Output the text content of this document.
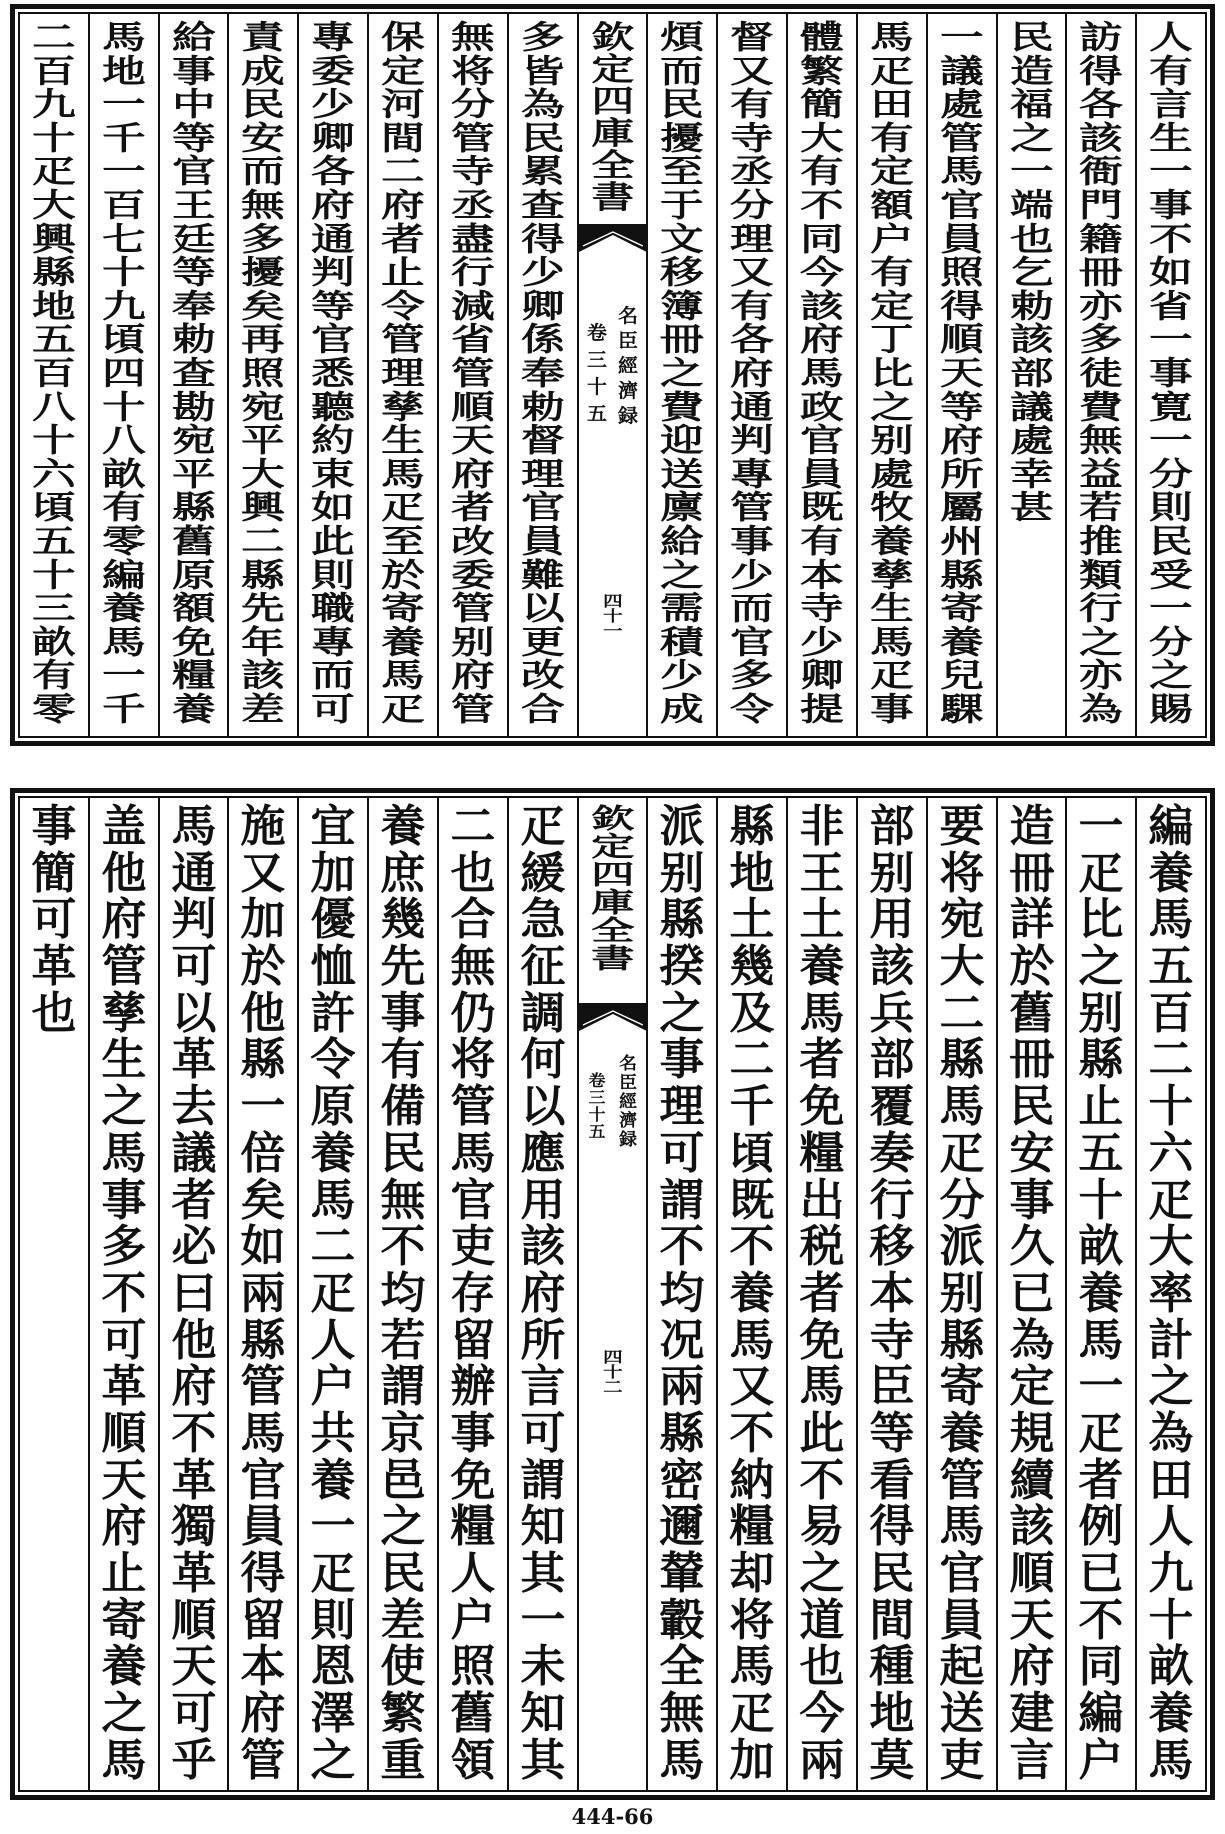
人
有
言
生
一
事
不
如
省
一
事
寛
一
分
則
民
受
一
分
之
賜
訪
得
各
該
衙
門
籍
冊
亦
多
徒
費
無
益
若
推
類
行
之
亦
為
民
造
福
之
一
端
也
乞
勅
該
部
議
處
幸
甚
一
議
處
管
馬
官
員
照
得
順
天
等
府
所
屬
州
縣
寄
養
兒
騍
馬
疋
田
有
定
額
户
有
定
丁
比
之
别
處
牧
養
孳
生
馬
疋
事
體
繁
簡
大
有
不
同
今
該
府
馬
政
官
員
既
有
本
寺
少
卿
提
督
又
有
寺
丞
分
理
又
有
各
府
通
判
專
管
事
少
而
官
多
令
煩
而
民
擾
至
于
文
移
簿
冊
之
費
迎
送
廪
給
之
需
積
少
成
欽
定
四
庫
全
書
名
臣
經
濟
録
卷
三
十
五
四
十
一
多
皆
為
民
累
查
得
少
卿
係
奉
勅
督
理
官
員
難
以
更
改
合
無
将
分
管
寺
丞
盡
行
減
省
管
順
天
府
者
改
委
管
别
府
管
保
定
河
間
二
府
者
止
令
管
理
孳
生
馬
疋
至
於
寄
養
馬
疋
專
委
少
卿
各
府
通
判
等
官
悉
聽
約
束
如
此
則
職
專
而
可
責
成
民
安
而
無
多
擾
矣
再
照
宛
平
大
興
二
縣
先
年
該
差
給
事
中
等
官
王
廷
等
奉
勅
查
勘
宛
平
縣
舊
原
額
免
糧
養
馬
地
一
千
一
百
七
十
九
頃
四
十
八
畝
有
零
編
養
馬
一
千
二
百
九
十
疋
大
興
縣
地
五
百
八
十
六
頃
五
十
三
畝
有
零
編
養
馬
五
百
二
十
六
疋
大
率
計
之
為
田
人
九
十
畝
養
馬
一
疋
比
之
别
縣
止
五
十
畝
養
馬
一
疋
者
例
已
不
同
編
户
造
冊
詳
於
舊
冊
民
安
事
久
已
為
定
規
續
該
順
天
府
建
言
要
将
宛
大
二
縣
馬
疋
分
派
别
縣
寄
養
管
馬
官
員
起
送
吏
部
别
用
該
兵
部
覆
奏
行
移
本
寺
臣
等
看
得
民
間
種
地
莫
非
王
土
養
馬
者
免
糧
出
税
者
免
馬
此
不
易
之
道
也
今
兩
縣
地
土
幾
及
二
千
頃
既
不
養
馬
又
不
納
糧
却
将
馬
疋
加
派
别
縣
揆
之
事
理
可
謂
不
均
况
兩
縣
密
邇
輦
轂
全
無
馬
欽
定
四
庫
全
書
名
臣
經
濟
録
卷
三
十
五
四
十
二
疋
緩
急
征
調
何
以
應
用
該
府
所
言
可
謂
知
其
一
未
知
其
二
也
合
無
仍
将
管
馬
官
吏
存
留
辦
事
免
糧
人
户
照
舊
領
養
庶
幾
先
事
有
備
民
無
不
均
若
謂
京
邑
之
民
差
使
繁
重
宜
加
優
恤
許
令
原
養
馬
二
疋
人
户
共
養
一
疋
則
恩
澤
之
施
又
加
於
他
縣
一
倍
矣
如
兩
縣
管
馬
官
員
得
留
本
府
管
馬
通
判
可
以
革
去
議
者
必
曰
他
府
不
革
獨
革
順
天
可
乎
盖
他
府
管
孳
生
之
馬
事
多
不
可
革
順
天
府
止
寄
養
之
馬
事
簡
可
革
也
444-66
